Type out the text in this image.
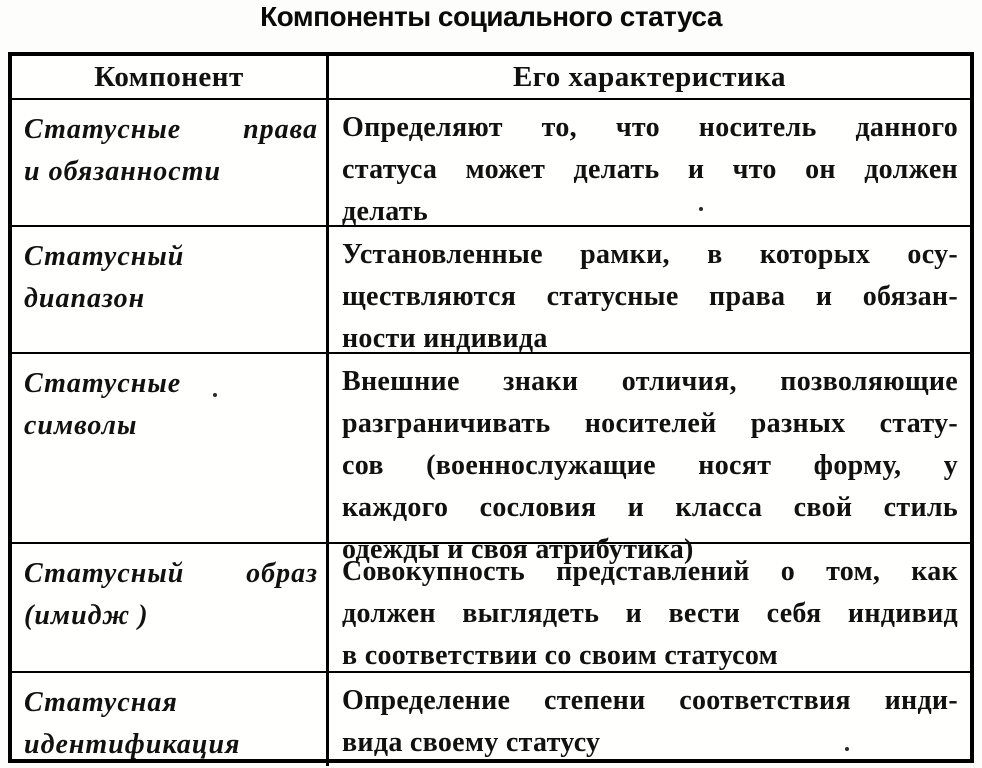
Компоненты социального статуса
Компонент	Его характеристика
Статусные права
и обязанности
Определяют то, что носитель данного
статуса может делать и что он должен
делать
Статусный
диапазон
Установленные рамки, в которых осу-
ществляются статусные права и обязан-
ности индивида
Статусные
символы
Внешние знаки отличия, позволяющие
разграничивать носителей разных стату-
сов (военнослужащие носят форму, у
каждого сословия и класса свой стиль
одежды и своя атрибутика)
Статусный образ
(имидж )
Совокупность представлений о том, как
должен выглядеть и вести себя индивид
в соответствии со своим статусом
Статусная
идентификация
Определение степени соответствия инди-
вида своему статусу
